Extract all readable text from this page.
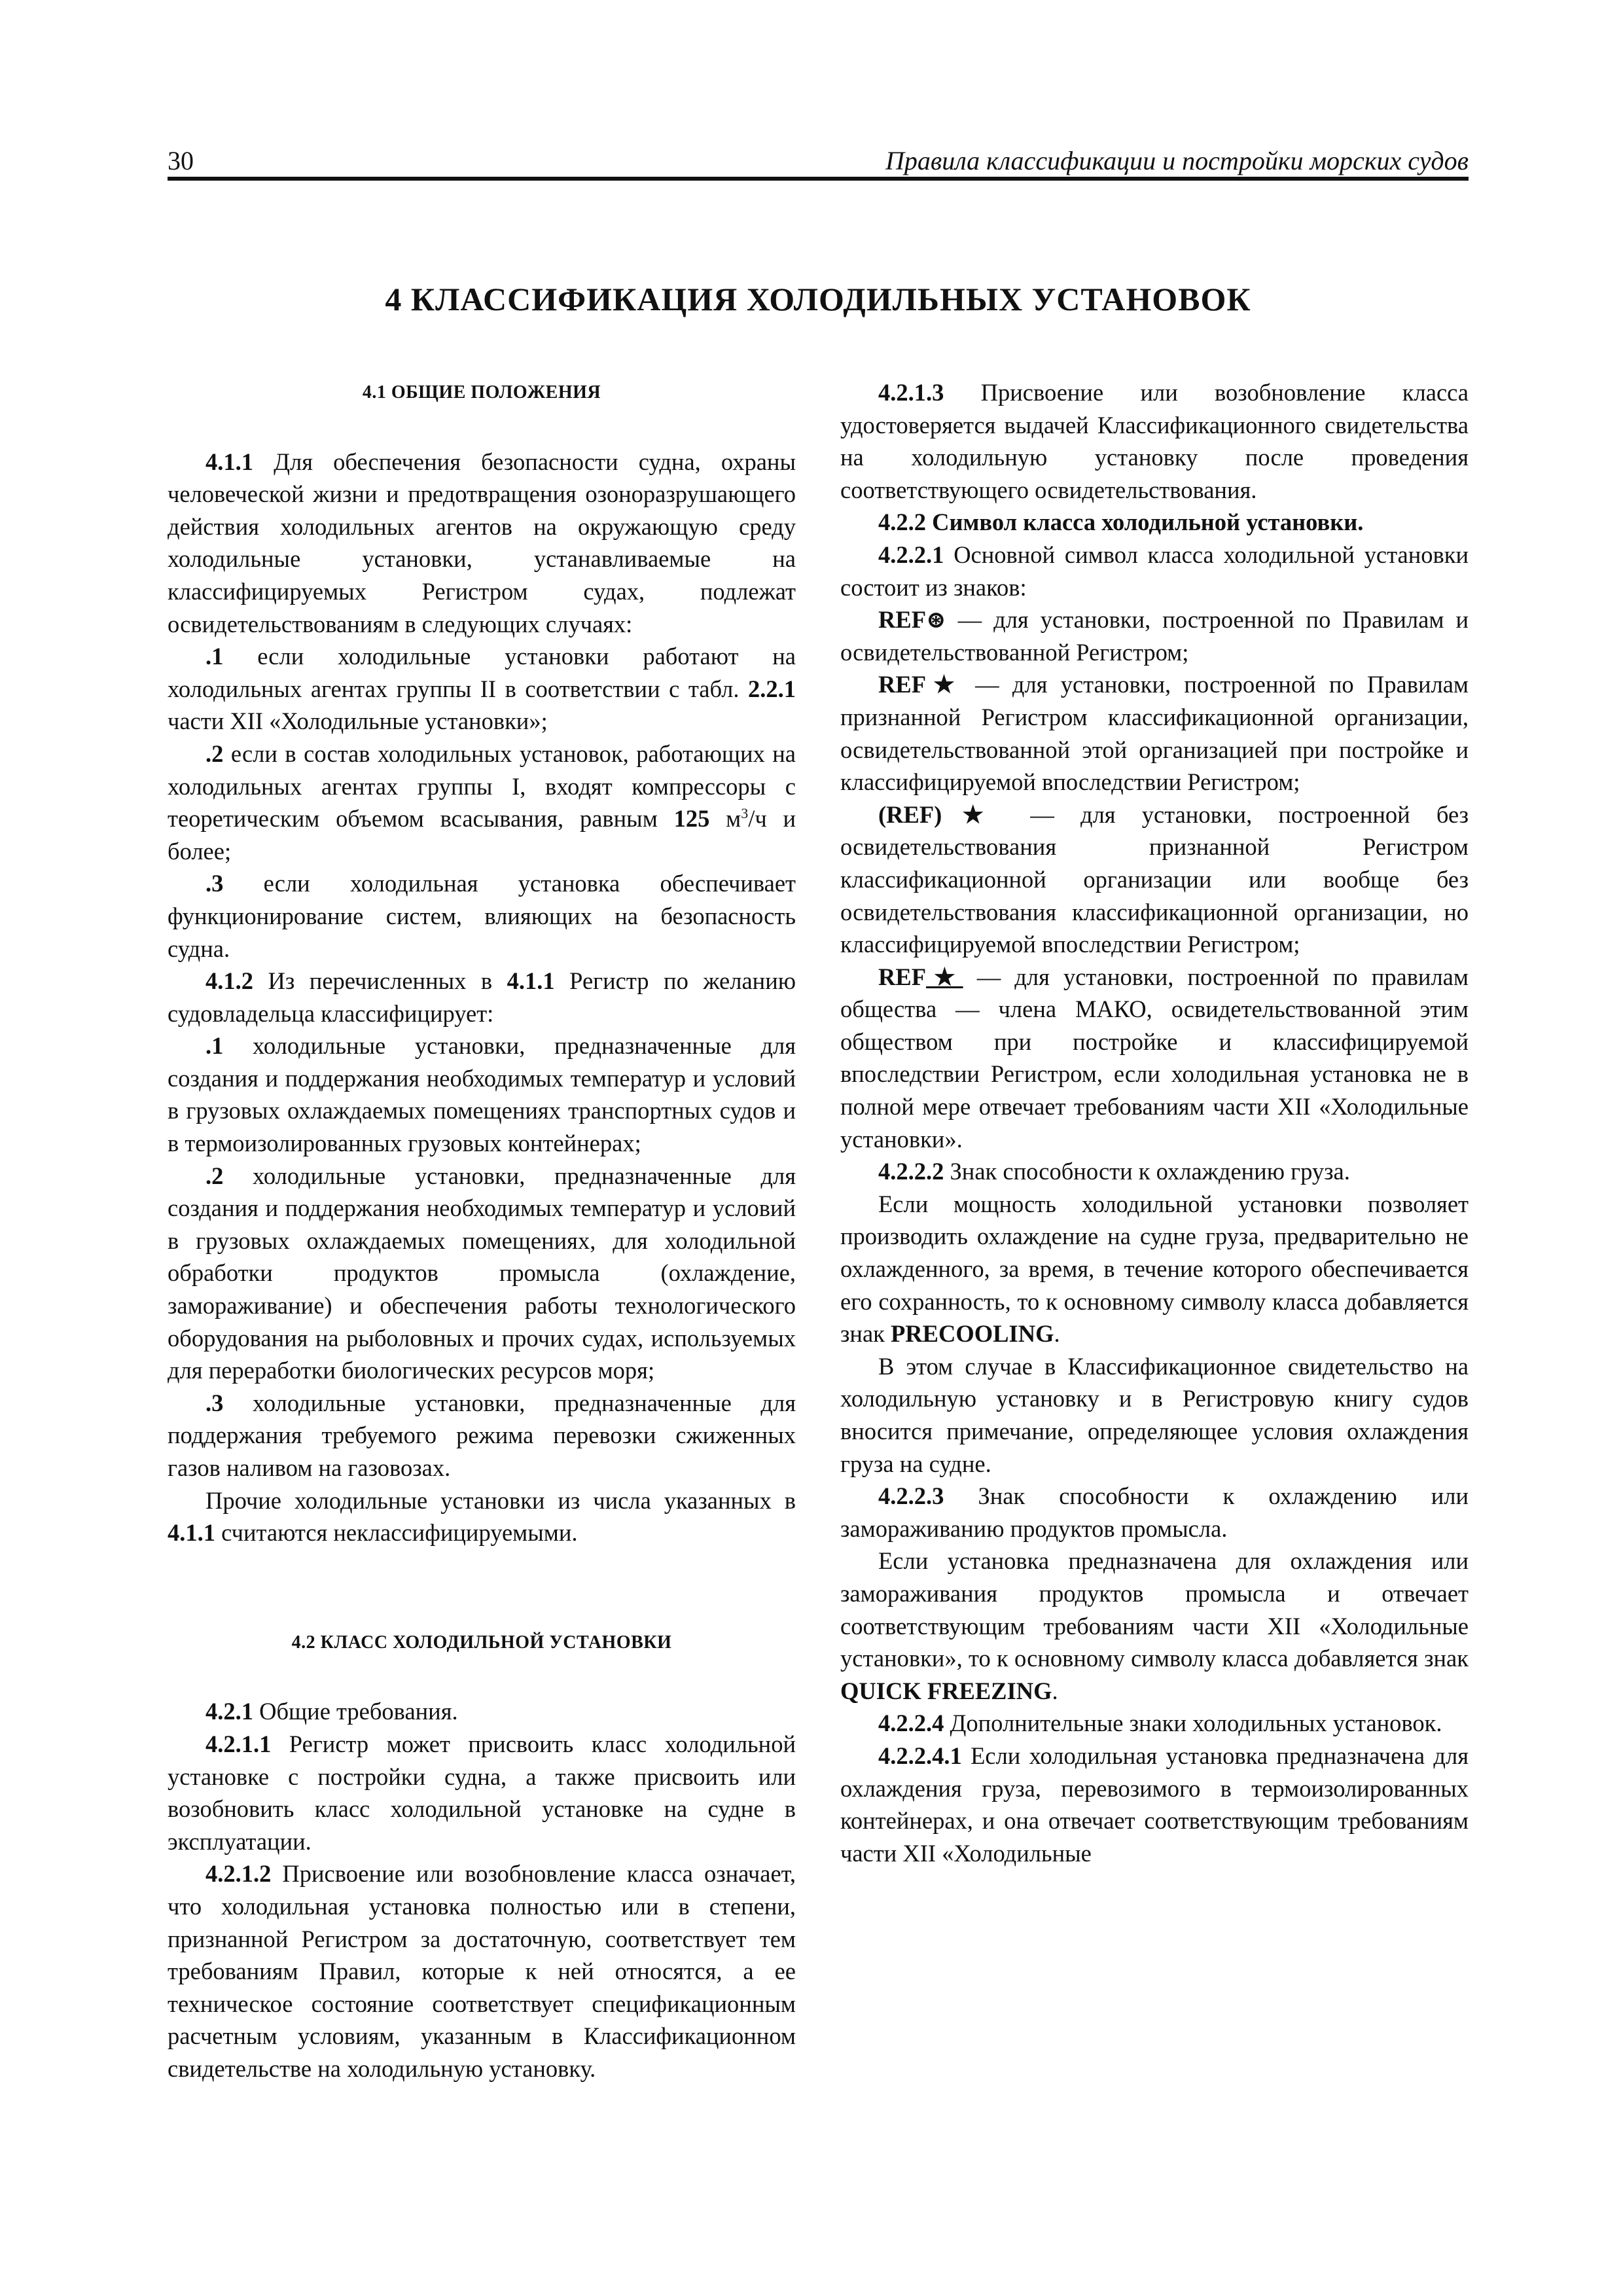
30	Правила классификации и постройки морских судов
4 КЛАССИФИКАЦИЯ ХОЛОДИЛЬНЫХ УСТАНОВОК

4.1 ОБЩИЕ ПОЛОЖЕНИЯ

4.1.1 Для обеспечения безопасности судна, охраны человеческой жизни и предотвращения озоноразрушающего действия холодильных агентов на окружающую среду холодильные установки, устанавливаемые на классифицируемых Регистром судах, подлежат освидетельствованиям в следующих случаях:

.1 если холодильные установки работают на холодильных агентах группы II в соответствии с табл. 2.2.1 части XII «Холодильные установки»;

.2 если в состав холодильных установок, работающих на холодильных агентах группы I, входят компрессоры с теоретическим объемом всасывания, равным 125 $м^3/ч$ и более;

.3 если холодильная установка обеспечивает функционирование систем, влияющих на безопасность судна.

4.1.2 Из перечисленных в 4.1.1 Регистр по желанию судовладельца классифицирует:

.1 холодильные установки, предназначенные для создания и поддержания необходимых температур и условий в грузовых охлаждаемых помещениях транспортных судов и в термоизолированных грузовых контейнерах;

.2 холодильные установки, предназначенные для создания и поддержания необходимых температур и условий в грузовых охлаждаемых помещениях, для холодильной обработки продуктов промысла (охлаждение, замораживание) и обеспечения работы технологического оборудования на рыболовных и прочих судах, используемых для переработки биологических ресурсов моря;

.3 холодильные установки, предназначенные для поддержания требуемого режима перевозки сжиженных газов наливом на газовозах.

Прочие холодильные установки из числа указанных в 4.1.1 считаются неклассифицируемыми.

4.2 КЛАСС ХОЛОДИЛЬНОЙ УСТАНОВКИ

4.2.1 Общие требования.

4.2.1.1 Регистр может присвоить класс холодильной установке с постройки судна, а также присвоить или возобновить класс холодильной установке на судне в эксплуатации.

4.2.1.2 Присвоение или возобновление класса означает, что холодильная установка полностью или в степени, признанной Регистром за достаточную, соответствует тем требованиям Правил, которые к ней относятся, а ее техническое состояние соответствует спецификационным расчетным условиям, указанным в Классификационном свидетельстве на холодильную установку.

4.2.1.3 Присвоение или возобновление класса удостоверяется выдачей Классификационного свидетельства на холодильную установку после проведения соответствующего освидетельствования.

4.2.2 Символ класса холодильной установки.

4.2.2.1 Основной символ класса холодильной установки состоит из знаков:

REF⊛ — для установки, построенной по Правилам и освидетельствованной Регистром;

REF★ — для установки, построенной по Правилам признанной Регистром классификационной организации, освидетельствованной этой организацией при постройке и классифицируемой впоследствии Регистром;

(REF)★ — для установки, построенной без освидетельствования признанной Регистром классификационной организации или вообще без освидетельствования классификационной организации, но классифицируемой впоследствии Регистром;

REF★ — для установки, построенной по правилам общества — члена МАКО, освидетельствованной этим обществом при постройке и классифицируемой впоследствии Регистром, если холодильная установка не в полной мере отвечает требованиям части XII «Холодильные установки».

4.2.2.2 Знак способности к охлаждению груза.

Если мощность холодильной установки позволяет производить охлаждение на судне груза, предварительно не охлажденного, за время, в течение которого обеспечивается его сохранность, то к основному символу класса добавляется знак PRECOOLING.

В этом случае в Классификационное свидетельство на холодильную установку и в Регистровую книгу судов вносится примечание, определяющее условия охлаждения груза на судне.

4.2.2.3 Знак способности к охлаждению или замораживанию продуктов промысла.

Если установка предназначена для охлаждения или замораживания продуктов промысла и отвечает соответствующим требованиям части XII «Холодильные установки», то к основному символу класса добавляется знак QUICK FREEZING.

4.2.2.4 Дополнительные знаки холодильных установок.

4.2.2.4.1 Если холодильная установка предназначена для охлаждения груза, перевозимого в термоизолированных контейнерах, и она отвечает соответствующим требованиям части XII «Холодильные
